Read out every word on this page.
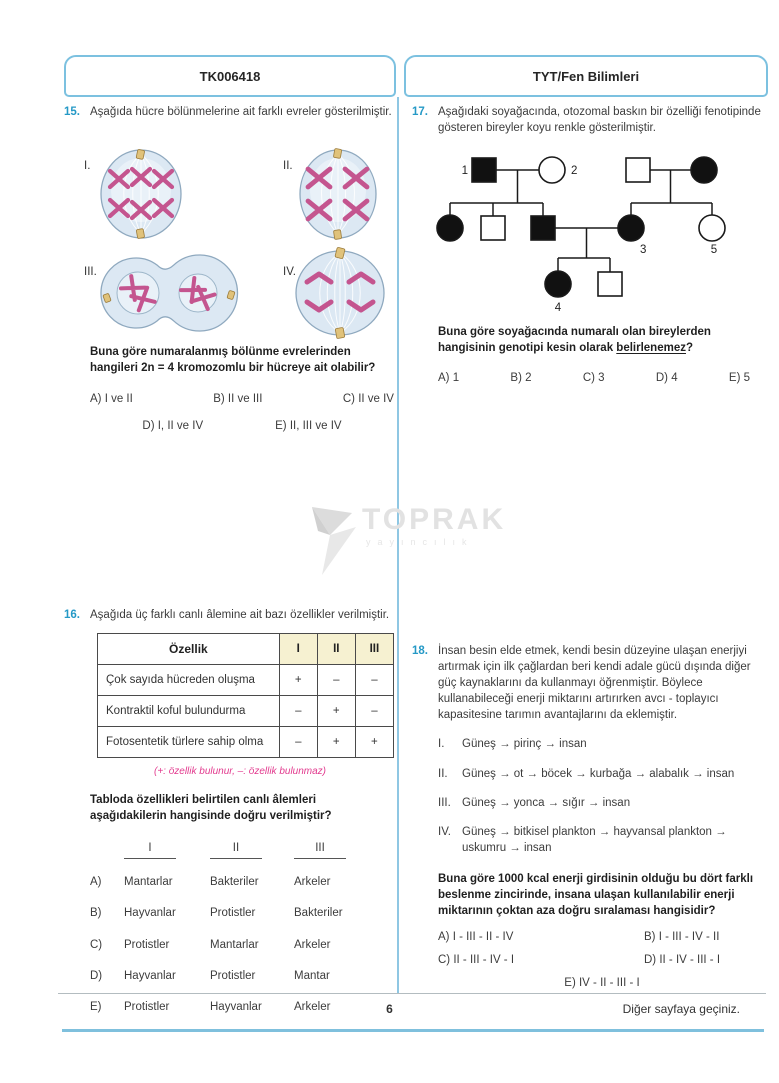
TK006418	TYT/Fen Bilimleri
15. Aşağıda hücre bölünmelerine ait farklı evreler gösterilmiştir.
I.	II.
III.	IV.
Buna göre numaralanmış bölünme evrelerinden hangileri 2n = 4 kromozomlu bir hücreye ait olabilir?
A) I ve II	B) II ve III	C) II ve IV
D) I, II ve IV	E) II, III ve IV
17. Aşağıdaki soyağacında, otozomal baskın bir özelliği fenotipinde gösteren bireyler koyu renkle gösterilmiştir.
1	2
3
4
5
Buna göre soyağacında numaralı olan bireylerden hangisinin genotipi kesin olarak belirlenemez?
A) 1	B) 2	C) 3	D) 4	E) 5
TOPRAK
yayıncılık
16. Aşağıda üç farklı canlı âlemine ait bazı özellikler verilmiştir.
Özellik	I	II	III
Çok sayıda hücreden oluşma	+	–	–
Kontraktil koful bulundurma	–	+	–
Fotosentetik türlere sahip olma	–	+	+
(+: özellik bulunur, –: özellik bulunmaz)
Tabloda özellikleri belirtilen canlı âlemleri aşağıdakilerin hangisinde doğru verilmiştir?
I	II	III
A)	Mantarlar	Bakteriler	Arkeler
B)	Hayvanlar	Protistler	Bakteriler
C)	Protistler	Mantarlar	Arkeler
D)	Hayvanlar	Protistler	Mantar
E)	Protistler	Hayvanlar	Arkeler
18. İnsan besin elde etmek, kendi besin düzeyine ulaşan enerjiyi artırmak için ilk çağlardan beri kendi adale gücü dışında diğer güç kaynaklarını da kullanmayı öğrenmiştir. Böylece kullanabileceği enerji miktarını artırırken avcı - toplayıcı kapasitesine tarımın avantajlarını da eklemiştir.
I.	Güneş → pirinç → insan
II.	Güneş → ot → böcek → kurbağa → alabalık → insan
III. Güneş → yonca → sığır → insan
IV. Güneş → bitkisel plankton → hayvansal plankton → uskumru → insan
Buna göre 1000 kcal enerji girdisinin olduğu bu dört farklı beslenme zincirinde, insana ulaşan kullanılabilir enerji miktarının çoktan aza doğru sıralaması hangisidir?
A) I - III - II - IV	B) I - III - IV - II
C) II - III - IV - I	D) II - IV - III - I
E) IV - II - III - I
6	Diğer sayfaya geçiniz.
